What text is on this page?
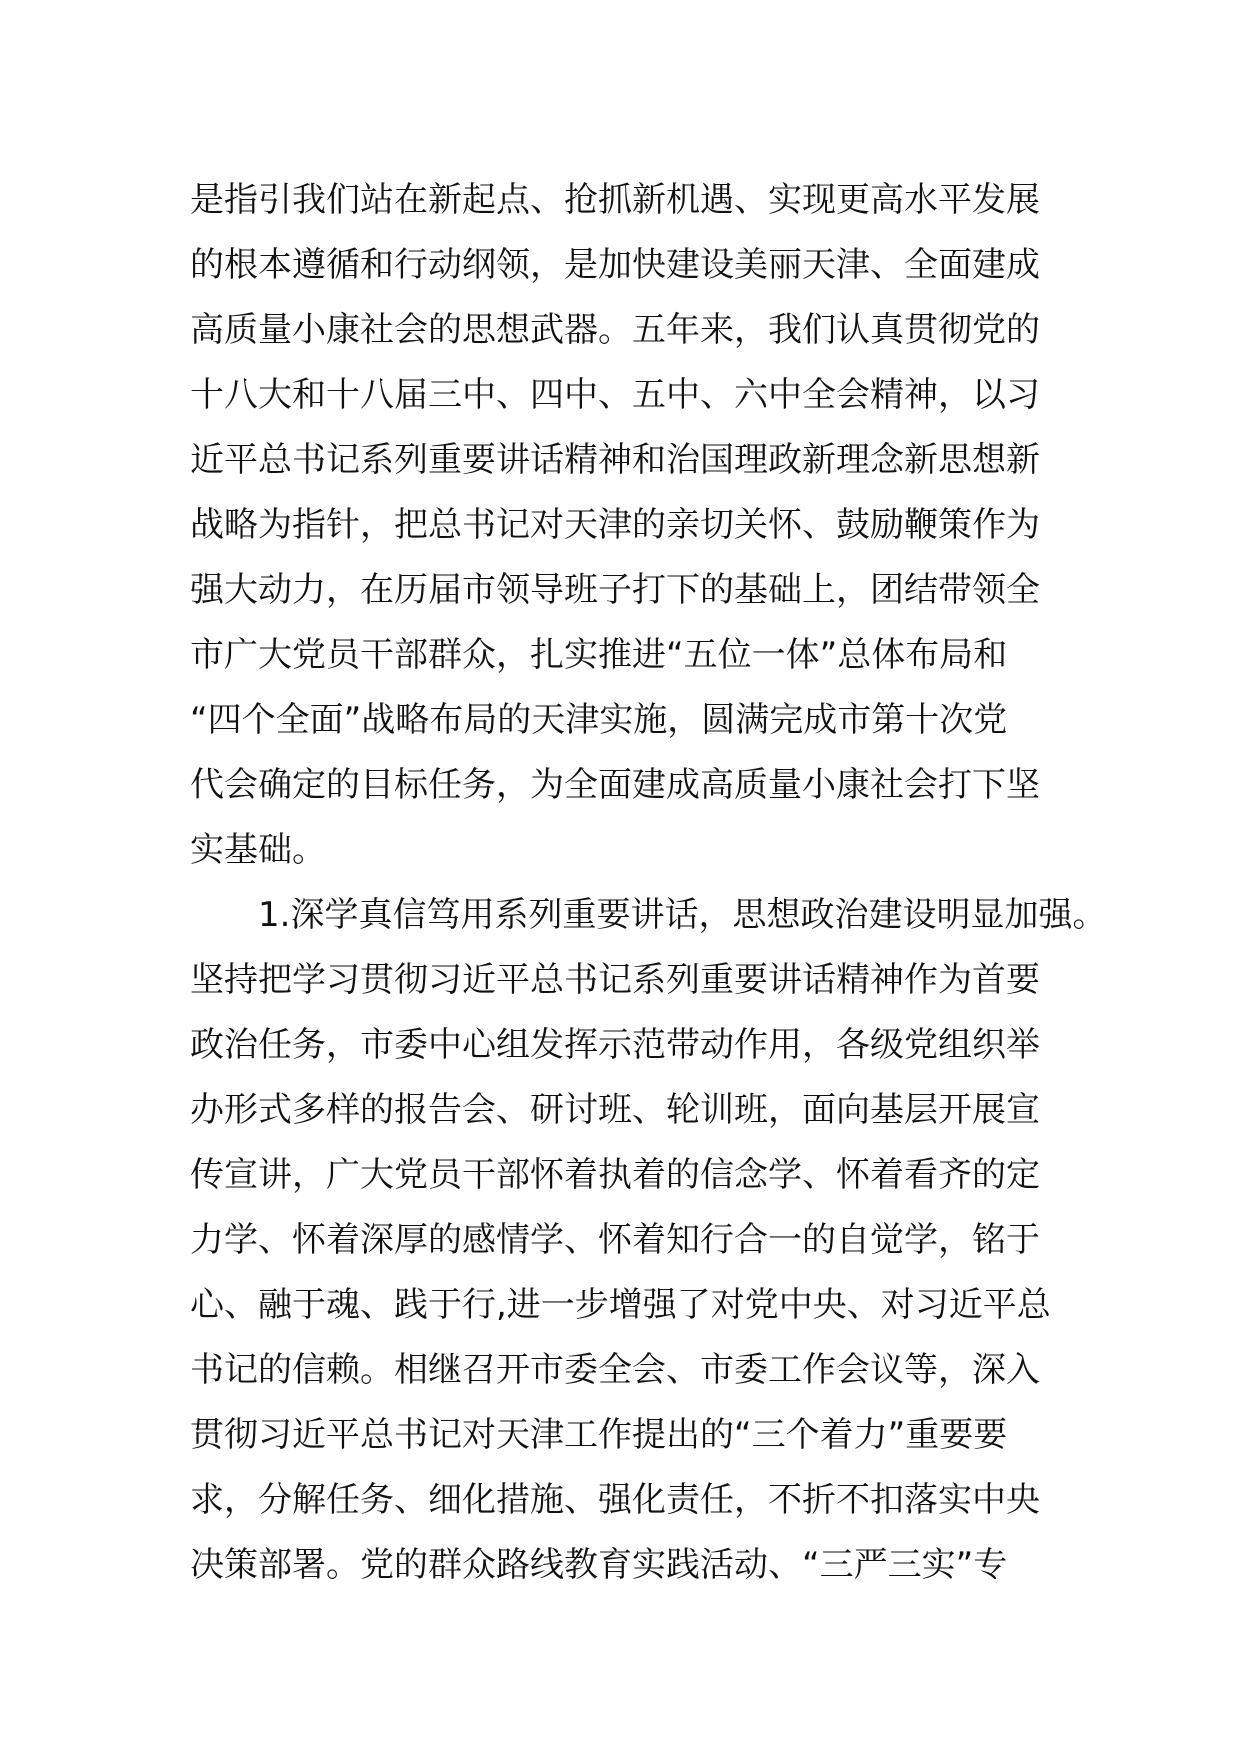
是指引我们站在新起点、抢抓新机遇、实现更高水平发展
的根本遵循和行动纲领，是加快建设美丽天津、全面建成
高质量小康社会的思想武器。五年来，我们认真贯彻党的
十八大和十八届三中、四中、五中、六中全会精神，以习
近平总书记系列重要讲话精神和治国理政新理念新思想新
战略为指针，把总书记对天津的亲切关怀、鼓励鞭策作为
强大动力，在历届市领导班子打下的基础上，团结带领全
市广大党员干部群众，扎实推进“五位一体”总体布局和
“四个全面”战略布局的天津实施，圆满完成市第十次党
代会确定的目标任务，为全面建成高质量小康社会打下坚
实基础。
1.深学真信笃用系列重要讲话，思想政治建设明显加强。
坚持把学习贯彻习近平总书记系列重要讲话精神作为首要
政治任务，市委中心组发挥示范带动作用，各级党组织举
办形式多样的报告会、研讨班、轮训班，面向基层开展宣
传宣讲，广大党员干部怀着执着的信念学、怀着看齐的定
力学、怀着深厚的感情学、怀着知行合一的自觉学，铭于
心、融于魂、践于行,进一步增强了对党中央、对习近平总
书记的信赖。相继召开市委全会、市委工作会议等，深入
贯彻习近平总书记对天津工作提出的“三个着力”重要要
求，分解任务、细化措施、强化责任，不折不扣落实中央
决策部署。党的群众路线教育实践活动、“三严三实”专
